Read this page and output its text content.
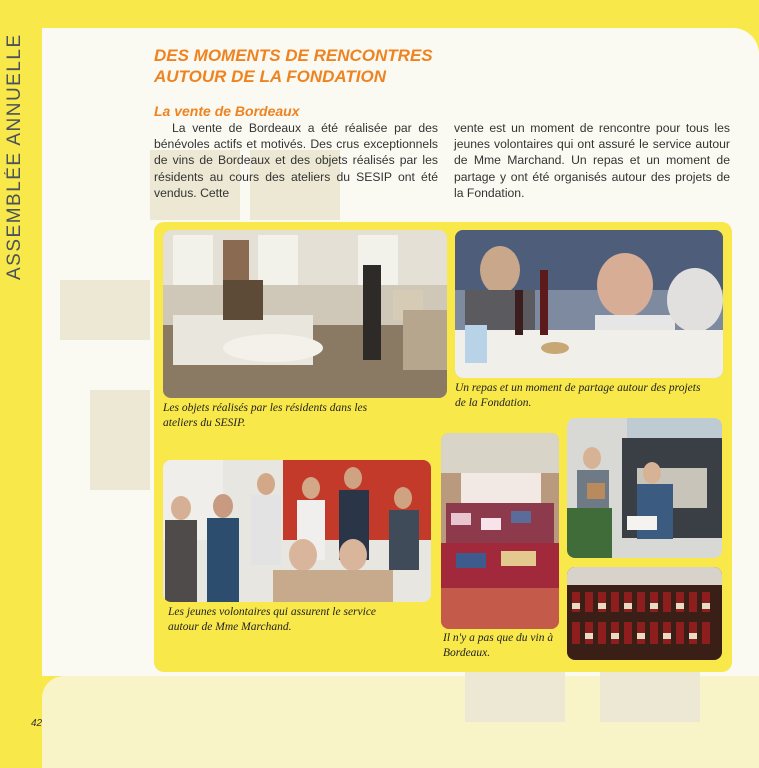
ASSEMBLÉE ANNUELLE	DES MOMENTS DE RENCONTRES
AUTOUR DE LA FONDATION
La vente de Bordeaux
La vente de Bordeaux a été réalisée par des bénévoles actifs et motivés. Des crus exceptionnels de vins de Bordeaux et des objets réalisés par les résidents au cours des ateliers du SESIP ont été vendus. Cette
vente est un moment de rencontre pour tous les jeunes volontaires qui ont assuré le service autour de Mme Marchand. Un repas et un moment de partage y ont été organisés autour des projets de la Fondation.
Les objets réalisés par les résidents dans les ateliers du SESIP.
Un repas et un moment de partage autour des projets de la Fondation.
Les jeunes volontaires qui assurent le service autour de Mme Marchand.
Il n'y a pas que du vin à Bordeaux.
42
